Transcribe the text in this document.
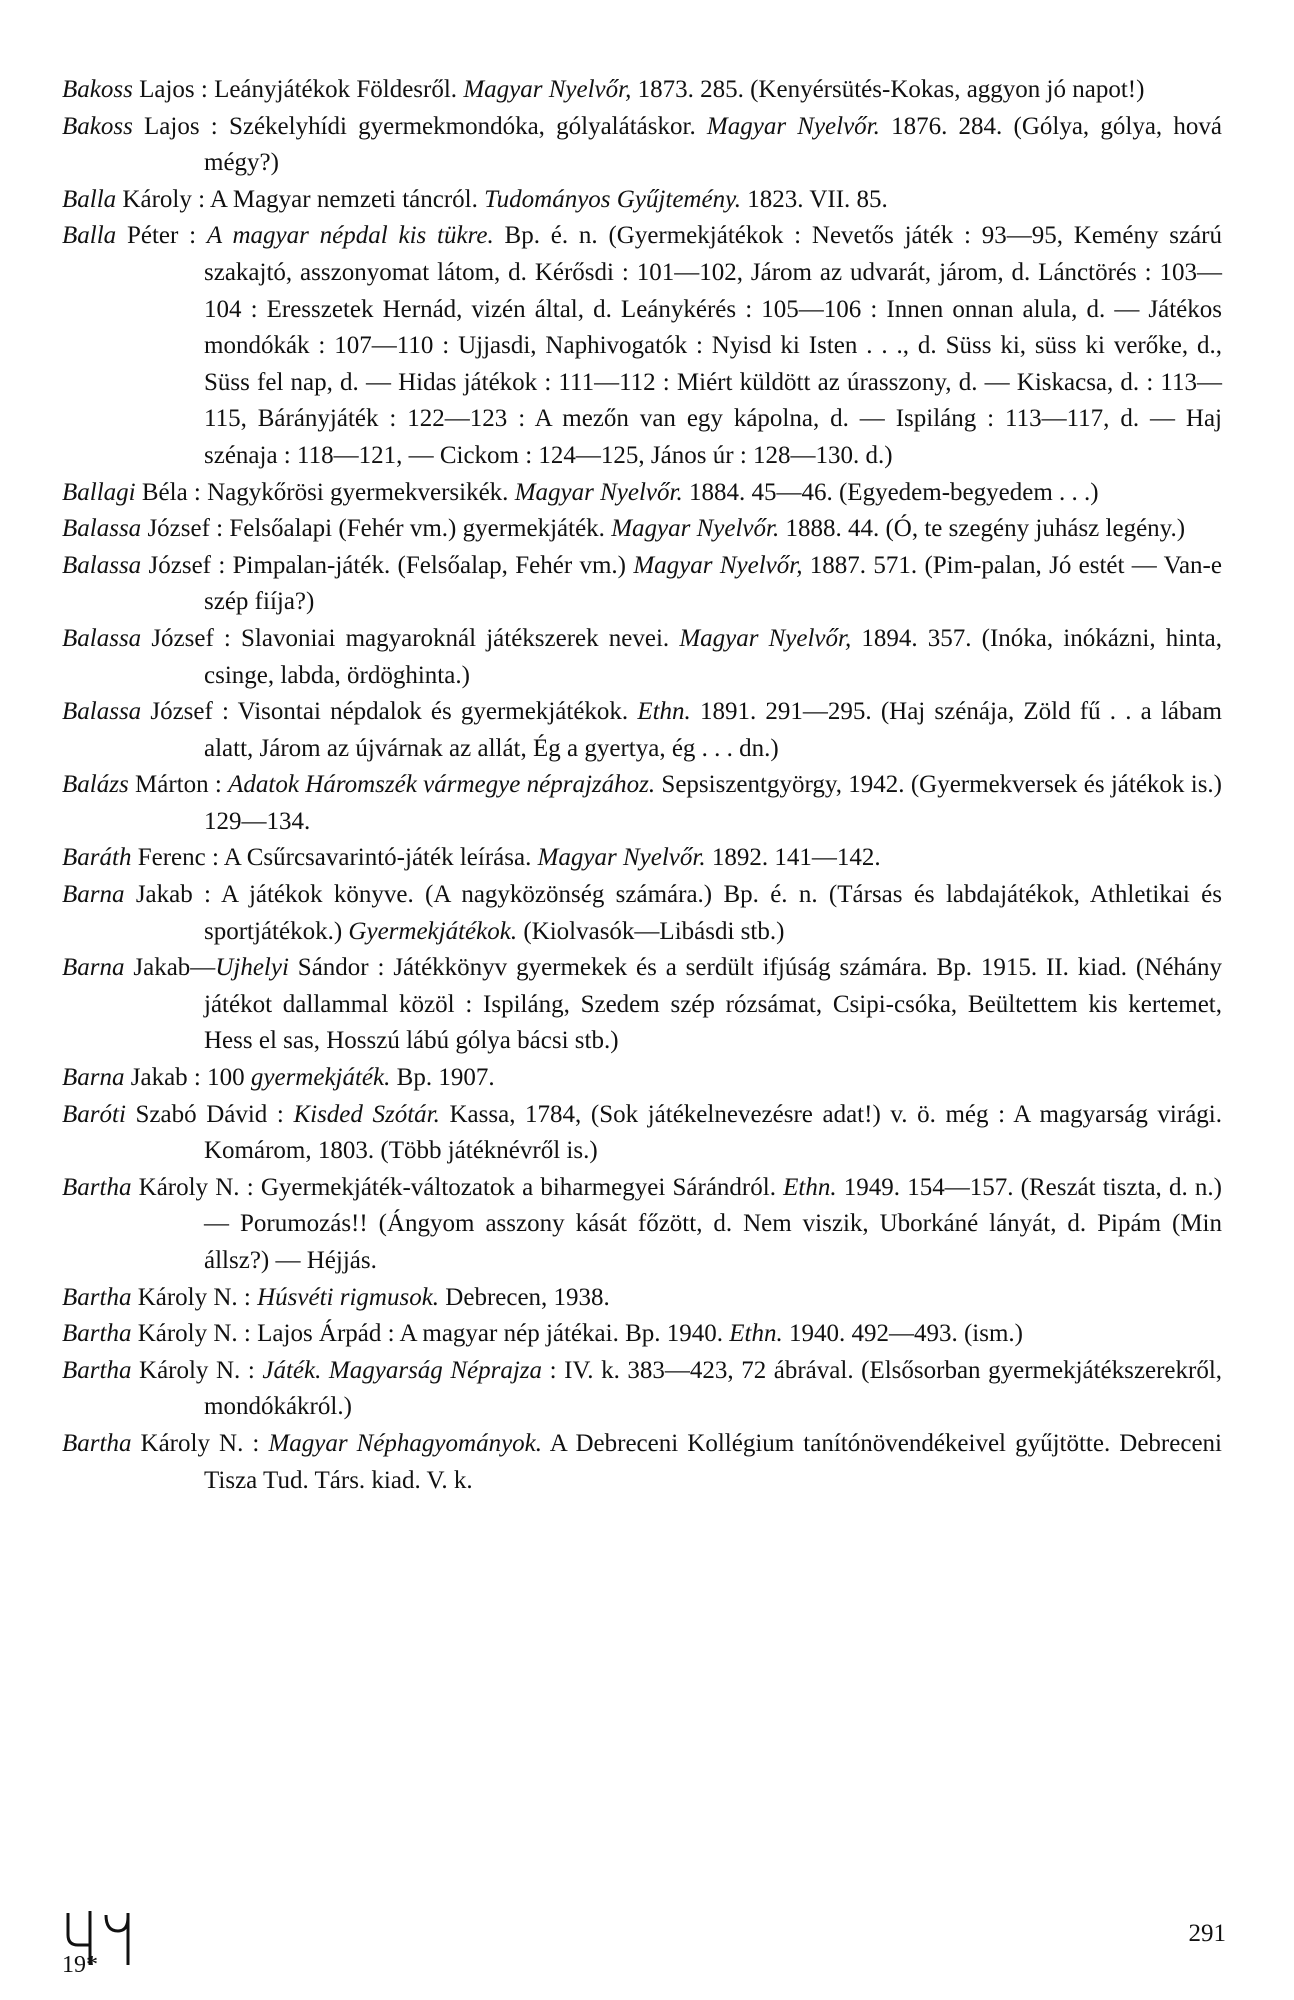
Bakoss Lajos : Leányjátékok Földesről. Magyar Nyelvőr, 1873. 285. (Kenyérsütés-Kokas, aggyon jó napot!)

Bakoss Lajos : Székelyhídi gyermekmondóka, gólyalátáskor. Magyar Nyelvőr. 1876. 284. (Gólya, gólya, hová mégy?)

Balla Károly : A Magyar nemzeti táncról. Tudományos Gyűjtemény. 1823. VII. 85.

Balla Péter : A magyar népdal kis tükre. Bp. é. n. (Gyermekjátékok : Nevetős játék : 93—95, Kemény szárú szakajtó, asszonyomat látom, d. Kérősdi : 101—102, Járom az udvarát, járom, d. Lánctörés : 103—104 : Eresszetek Hernád, vizén által, d. Leánykérés : 105—106 : Innen onnan alula, d. — Játékos mondókák : 107—110 : Ujjasdi, Naphivogatók : Nyisd ki Isten . . ., d. Süss ki, süss ki verőke, d., Süss fel nap, d. — Hidas játékok : 111—112 : Miért küldött az úrasszony, d. — Kiskacsa, d. : 113—115, Bárányjáték : 122—123 : A mezőn van egy kápolna, d. — Ispiláng : 113—117, d. — Haj szénaja : 118—121, — Cickom : 124—125, János úr : 128—130. d.)

Ballagi Béla : Nagykőrösi gyermekversikék. Magyar Nyelvőr. 1884. 45—46. (Egyedem-begyedem . . .)

Balassa József : Felsőalapi (Fehér vm.) gyermekjáték. Magyar Nyelvőr. 1888. 44. (Ó, te szegény juhász legény.)

Balassa József : Pimpalan-játék. (Felsőalap, Fehér vm.) Magyar Nyelvőr, 1887. 571. (Pim-palan, Jó estét — Van-e szép fiíja?)

Balassa József : Slavoniai magyaroknál játékszerek nevei. Magyar Nyelvőr, 1894. 357. (Inóka, inókázni, hinta, csinge, labda, ördöghinta.)

Balassa József : Visontai népdalok és gyermekjátékok. Ethn. 1891. 291—295. (Haj szénája, Zöld fű . . a lábam alatt, Járom az újvárnak az allát, Ég a gyertya, ég . . . dn.)

Balázs Márton : Adatok Háromszék vármegye néprajzához. Sepsiszentgyörgy, 1942. (Gyermekversek és játékok is.) 129—134.

Baráth Ferenc : A Csűrcsavarintó-játék leírása. Magyar Nyelvőr. 1892. 141—142.

Barna Jakab : A játékok könyve. (A nagyközönség számára.) Bp. é. n. (Társas és labdajátékok, Athletikai és sportjátékok.) Gyermekjátékok. (Kiolvasók—Libásdi stb.)

Barna Jakab—Ujhelyi Sándor : Játékkönyv gyermekek és a serdült ifjúság számára. Bp. 1915. II. kiad. (Néhány játékot dallammal közöl : Ispiláng, Szedem szép rózsámat, Csipi-csóka, Beültettem kis kertemet, Hess el sas, Hosszú lábú gólya bácsi stb.)

Barna Jakab : 100 gyermekjáték. Bp. 1907.

Baróti Szabó Dávid : Kisded Szótár. Kassa, 1784, (Sok játékelnevezésre adat!) v. ö. még : A magyarság virági. Komárom, 1803. (Több játéknévről is.)

Bartha Károly N. : Gyermekjáték-változatok a biharmegyei Sárándról. Ethn. 1949. 154—157. (Reszát tiszta, d. n.) — Porumozás!! (Ángyom asszony kását főzött, d. Nem viszik, Uborkáné lányát, d. Pipám (Min állsz?) — Héjjás.

Bartha Károly N. : Húsvéti rigmusok. Debrecen, 1938.

Bartha Károly N. : Lajos Árpád : A magyar nép játékai. Bp. 1940. Ethn. 1940. 492—493. (ism.)

Bartha Károly N. : Játék. Magyarság Néprajza : IV. k. 383—423, 72 ábrával. (Elsősorban gyermekjátékszerekről, mondókákról.)

Bartha Károly N. : Magyar Néphagyományok. A Debreceni Kollégium tanítónövendékeivel gyűjtötte. Debreceni Tisza Tud. Társ. kiad. V. k.

19*
291
